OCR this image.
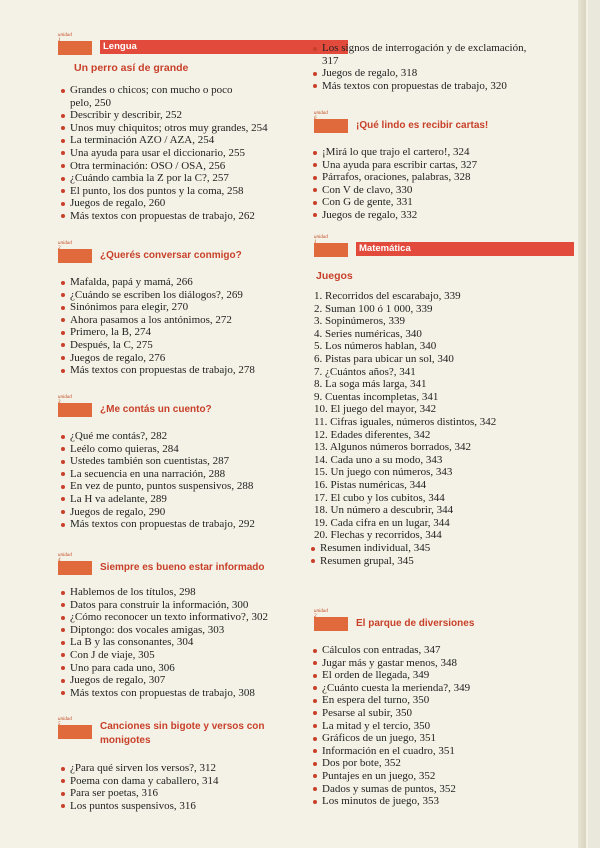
unidad
Lengua
Un perro así de grande
Grandes o chicos; con mucho o poco pelo, 250
Describir y describir, 252
Unos muy chiquitos; otros muy grandes, 254
La terminación AZO / AZA, 254
Una ayuda para usar el diccionario, 255
Otra terminación: OSO / OSA, 256
¿Cuándo cambia la Z por la C?, 257
El punto, los dos puntos y la coma, 258
Juegos de regalo, 260
Más textos con propuestas de trabajo, 262
unidad
¿Querés conversar conmigo?
Mafalda, papá y mamá, 266
¿Cuándo se escriben los diálogos?, 269
Sinónimos para elegir, 270
Ahora pasamos a los antónimos, 272
Primero, la B, 274
Después, la C, 275
Juegos de regalo, 276
Más textos con propuestas de trabajo, 278
unidad
¿Me contás un cuento?
¿Qué me contás?, 282
Leélo como quieras, 284
Ustedes también son cuentistas, 287
La secuencia en una narración, 288
En vez de punto, puntos suspensivos, 288
La H va adelante, 289
Juegos de regalo, 290
Más textos con propuestas de trabajo, 292
unidad
Siempre es bueno estar informado
Hablemos de los títulos, 298
Datos para construir la información, 300
¿Cómo reconocer un texto informativo?, 302
Diptongo: dos vocales amigas, 303
La B y las consonantes, 304
Con J de viaje, 305
Uno para cada uno, 306
Juegos de regalo, 307
Más textos con propuestas de trabajo, 308
unidad
Canciones sin bigote y versos con
monigotes
¿Para qué sirven los versos?, 312
Poema con dama y caballero, 314
Para ser poetas, 316
Los puntos suspensivos, 316
Los signos de interrogación y de exclamación, 317
Juegos de regalo, 318
Más textos con propuestas de trabajo, 320
unidad
¡Qué lindo es recibir cartas!
¡Mirá lo que trajo el cartero!, 324
Una ayuda para escribir cartas, 327
Párrafos, oraciones, palabras, 328
Con V de clavo, 330
Con G de gente, 331
Juegos de regalo, 332
unidad
Matemática
Juegos
1. Recorridos del escarabajo, 339
2. Suman 100 ó 1 000, 339
3. Sopinúmeros, 339
4. Series numéricas, 340
5. Los números hablan, 340
6. Pistas para ubicar un sol, 340
7. ¿Cuántos años?, 341
8. La soga más larga, 341
9. Cuentas incompletas, 341
10. El juego del mayor, 342
11. Cifras iguales, números distintos, 342
12. Edades diferentes, 342
13. Algunos números borrados, 342
14. Cada uno a su modo, 343
15. Un juego con números, 343
16. Pistas numéricas, 344
17. El cubo y los cubitos, 344
18. Un número a descubrir, 344
19. Cada cifra en un lugar, 344
20. Flechas y recorridos, 344
Resumen individual, 345
Resumen grupal, 345
unidad
El parque de diversiones
Cálculos con entradas, 347
Jugar más y gastar menos, 348
El orden de llegada, 349
¿Cuánto cuesta la merienda?, 349
En espera del turno, 350
Pesarse al subir, 350
La mitad y el tercio, 350
Gráficos de un juego, 351
Información en el cuadro, 351
Dos por bote, 352
Puntajes en un juego, 352
Dados y sumas de puntos, 352
Los minutos de juego, 353
